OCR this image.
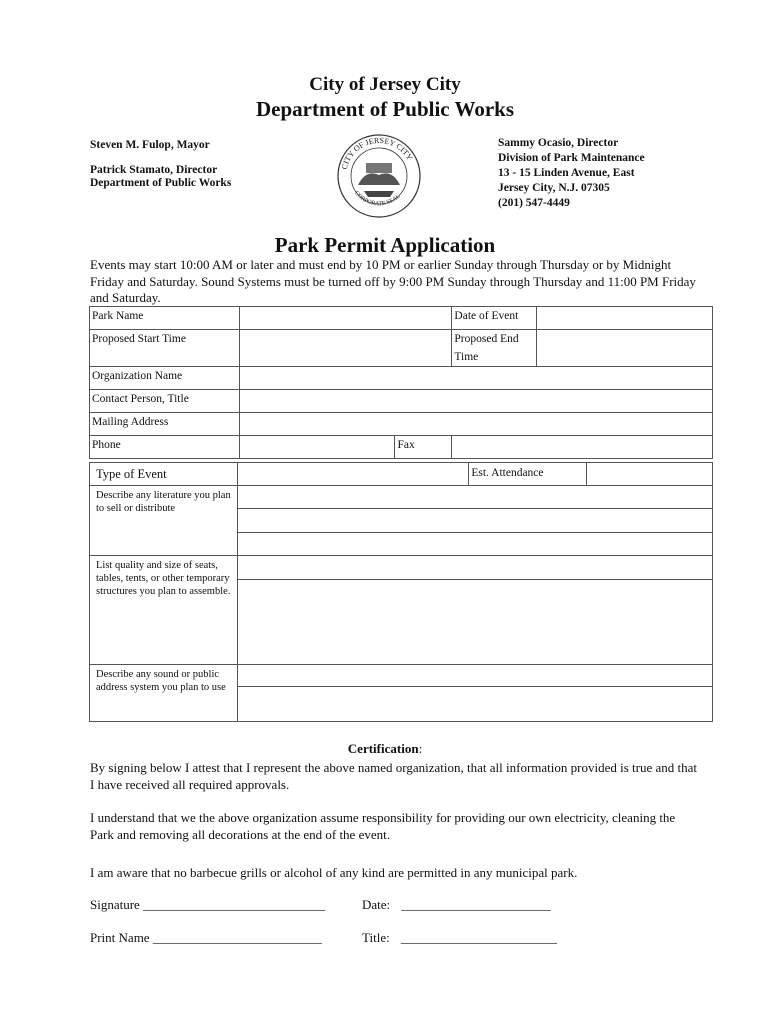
City of Jersey City
Department of Public Works
Steven M. Fulop, Mayor
Patrick Stamato, Director
Department of Public Works
Sammy Ocasio, Director
Division of Park Maintenance
13 - 15 Linden Avenue, East
Jersey City, N.J. 07305
(201) 547-4449
CITY OF JERSEY CITY
CORPORATE SEAL
Park Permit Application
Events may start 10:00 AM or later and must end by 10 PM or earlier Sunday through Thursday or by Midnight Friday and Saturday. Sound Systems must be turned off by 9:00 PM Sunday through Thursday and 11:00 PM Friday and Saturday.
Park Name			Date of Event	
Proposed Start Time			Proposed End Time	
Organization Name				
Contact Person, Title				
Mailing Address				
Phone		Fax		
Type of Event		Est. Attendance	
Describe any literature you plan to sell or distribute			

List quality and size of seats, tables, tents, or other temporary structures you plan to assemble.			

Describe any sound or public address system you plan to use			

Certification:
By signing below I attest that I represent the above named organization, that all information provided is true and that I have received all required approvals.
I understand that we the above organization assume responsibility for providing our own electricity, cleaning the Park and removing all decorations at the end of the event.
I am aware that no barbecue grills or alcohol of any kind are permitted in any municipal park.
Signature ____________________________	Date: _______________________
Print Name __________________________	Title: ________________________
